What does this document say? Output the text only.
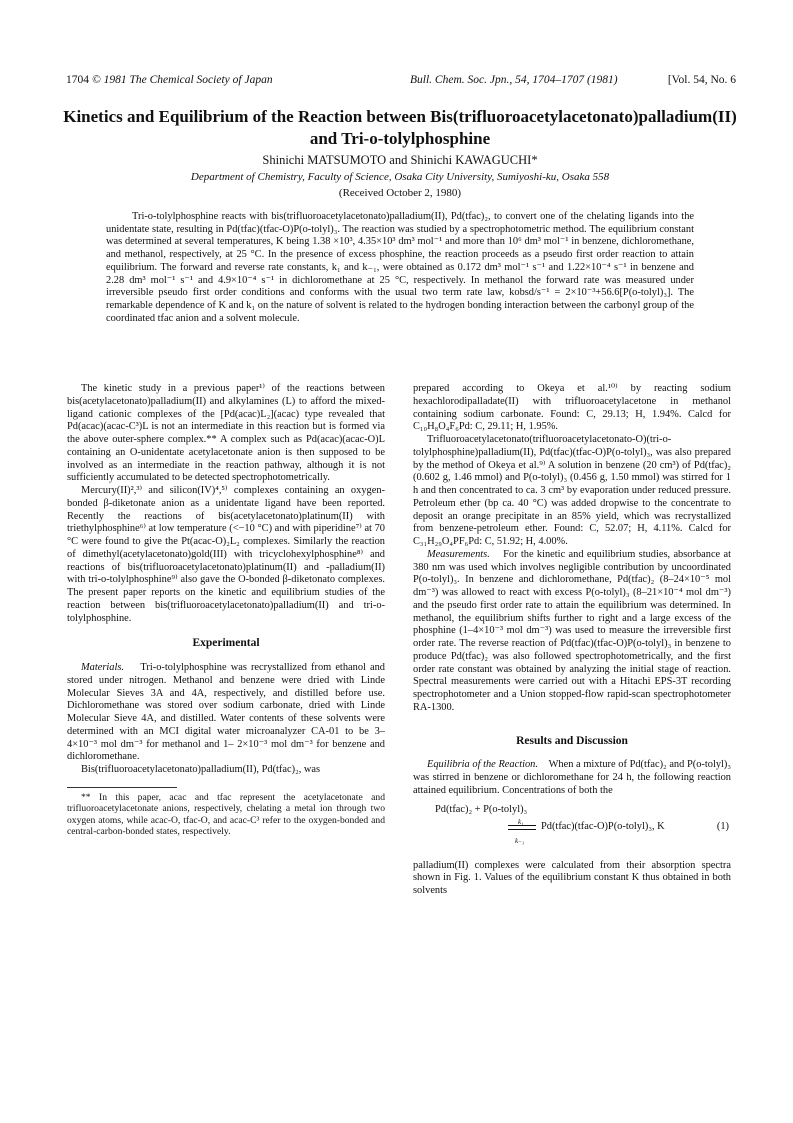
1704 © 1981 The Chemical Society of Japan	Bull. Chem. Soc. Jpn., 54, 1704–1707 (1981)	[Vol. 54, No. 6
Kinetics and Equilibrium of the Reaction between Bis(trifluoroacetylacetonato)palladium(II) and Tri-o-tolylphosphine
Shinichi MATSUMOTO and Shinichi KAWAGUCHI*
Department of Chemistry, Faculty of Science, Osaka City University, Sumiyoshi-ku, Osaka 558
(Received October 2, 1980)

Tri-o-tolylphosphine reacts with bis(trifluoroacetylacetonato)palladium(II), Pd(tfac)₂, to convert one of the chelating ligands into the unidentate state, resulting in Pd(tfac)(tfac-O)P(o-tolyl)₃. The reaction was studied by a spectrophotometric method. The equilibrium constant was determined at several temperatures, K being 1.38 ×10³, 4.35×10³ dm³ mol⁻¹ and more than 10⁶ dm³ mol⁻¹ in benzene, dichloromethane, and methanol, respectively, at 25 °C. In the presence of excess phosphine, the reaction proceeds as a pseudo first order reaction to attain equilibrium. The forward and reverse rate constants, k₁ and k₋₁, were obtained as 0.172 dm³ mol⁻¹ s⁻¹ and 1.22×10⁻⁴ s⁻¹ in benzene and 2.28 dm³ mol⁻¹ s⁻¹ and 4.9×10⁻⁴ s⁻¹ in dichloromethane at 25 °C, respectively. In methanol the forward rate was measured under irreversible pseudo first order conditions and conforms with the usual two term rate law, kobsd/s⁻¹ = 2×10⁻³+56.6[P(o-tolyl)₃]. The remarkable dependence of K and k₁ on the nature of solvent is related to the hydrogen bonding interaction between the carbonyl group of the coordinated tfac anion and a solvent molecule.

The kinetic study in a previous paper¹⁾ of the reactions between bis(acetylacetonato)palladium(II) and alkylamines (L) to afford the mixed-ligand cationic complexes of the [Pd(acac)L₂](acac) type revealed that Pd(acac)(acac-C³)L is not an intermediate in this reaction but is formed via the above outer-sphere complex.** A complex such as Pd(acac)(acac-O)L containing an O-unidentate acetylacetonate anion is then supposed to be involved as an intermediate in the reaction pathway, although it is not sufficiently accumulated to be detected spectrophotometrically.

Mercury(II)²,³⁾ and silicon(IV)⁴,⁵⁾ complexes containing an oxygen-bonded β-diketonate anion as a unidentate ligand have been reported. Recently the reactions of bis(acetylacetonato)platinum(II) with triethylphosphine⁶⁾ at low temperature (<−10 °C) and with piperidine⁷⁾ at 70 °C were found to give the Pt(acac-O)₂L₂ complexes. Similarly the reaction of dimethyl(acetylacetonato)gold(III) with tricyclohexylphosphine⁸⁾ and reactions of bis(trifluoroacetylacetonato)platinum(II) and -palladium(II) with tri-o-tolylphosphine⁹⁾ also gave the O-bonded β-diketonato complexes. The present paper reports on the kinetic and equilibrium studies of the reaction between bis(trifluoroacetylacetonato)palladium(II) and tri-o-tolylphosphine.

Experimental

Materials. Tri-o-tolylphosphine was recrystallized from ethanol and stored under nitrogen. Methanol and benzene were dried with Linde Molecular Sieves 3A and 4A, respectively, and distilled before use. Dichloromethane was stored over sodium carbonate, dried with Linde Molecular Sieve 4A, and distilled. Water contents of these solvents were determined with an MCI digital water microanalyzer CA-01 to be 3– 4×10⁻³ mol dm⁻³ for methanol and 1– 2×10⁻³ mol dm⁻³ for benzene and dichloromethane.

Bis(trifluoroacetylacetonato)palladium(II), Pd(tfac)₂, was

** In this paper, acac and tfac represent the acetylacetonate and trifluoroacetylacetonate anions, respectively, chelating a metal ion through two oxygen atoms, while acac-O, tfac-O, and acac-C³ refer to the oxygen-bonded and central-carbon-bonded states, respectively.

prepared according to Okeya et al.¹⁰⁾ by reacting sodium hexachlorodipalladate(II) with trifluoroacetylacetone in methanol containing sodium carbonate. Found: C, 29.13; H, 1.94%. Calcd for C₁₀H₈O₄F₆Pd: C, 29.11; H, 1.95%.

Trifluoroacetylacetonato(trifluoroacetylacetonato-O)(tri-o-tolylphosphine)palladium(II), Pd(tfac)(tfac-O)P(o-tolyl)₃, was also prepared by the method of Okeya et al.⁹⁾ A solution in benzene (20 cm³) of Pd(tfac)₂ (0.602 g, 1.46 mmol) and P(o-tolyl)₃ (0.456 g, 1.50 mmol) was stirred for 1 h and then concentrated to ca. 3 cm³ by evaporation under reduced pressure. Petroleum ether (bp ca. 40 °C) was added dropwise to the concentrate to deposit an orange precipitate in an 85% yield, which was recrystallized from benzene-petroleum ether. Found: C, 52.07; H, 4.11%. Calcd for C₃₁H₂₉O₄PF₆Pd: C, 51.92; H, 4.00%.

Measurements. For the kinetic and equilibrium studies, absorbance at 380 nm was used which involves negligible contribution by uncoordinated P(o-tolyl)₃. In benzene and dichloromethane, Pd(tfac)₂ (8–24×10⁻⁵ mol dm⁻³) was allowed to react with excess P(o-tolyl)₃ (8–21×10⁻⁴ mol dm⁻³) and the pseudo first order rate to attain the equilibrium was determined. In methanol, the equilibrium shifts further to right and a large excess of the phosphine (1–4×10⁻³ mol dm⁻³) was used to measure the irreversible first order rate. The reverse reaction of Pd(tfac)(tfac-O)P(o-tolyl)₃ in benzene to produce Pd(tfac)₂ was also followed spectrophotometrically, and the first order rate constant was obtained by analyzing the initial stage of reaction. Spectral measurements were carried out with a Hitachi EPS-3T recording spectrophotometer and a Union stopped-flow rapid-scan spectrophotometer RA-1300.

Results and Discussion

Equilibria of the Reaction. When a mixture of Pd(tfac)₂ and P(o-tolyl)₃ was stirred in benzene or dichloromethane for 24 h, the following reaction attained equilibrium. Concentrations of both the

Pd(tfac)₂ + P(o-tolyl)₃
k₁
k₋₁
Pd(tfac)(tfac-O)P(o-tolyl)₃, K	(1)

palladium(II) complexes were calculated from their absorption spectra shown in Fig. 1. Values of the equilibrium constant K thus obtained in both solvents
